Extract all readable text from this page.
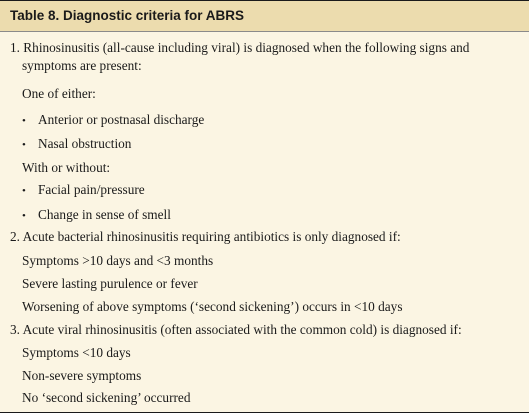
Table 8. Diagnostic criteria for ABRS
1. Rhinosinusitis (all-cause including viral) is diagnosed when the following signs and
symptoms are present:
One of either:
• Anterior or postnasal discharge
• Nasal obstruction
With or without:
• Facial pain/pressure
• Change in sense of smell
2. Acute bacterial rhinosinusitis requiring antibiotics is only diagnosed if:
Symptoms >10 days and <3 months
Severe lasting purulence or fever
Worsening of above symptoms (‘second sickening’) occurs in <10 days
3. Acute viral rhinosinusitis (often associated with the common cold) is diagnosed if:
Symptoms <10 days
Non-severe symptoms
No ‘second sickening’ occurred
